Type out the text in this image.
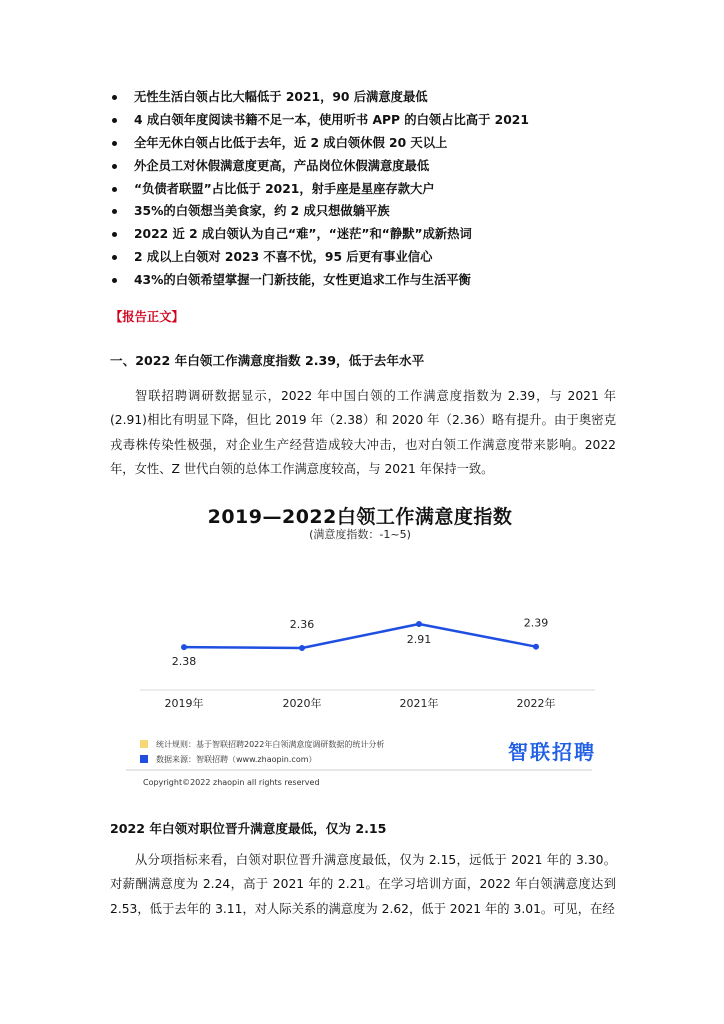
无性生活白领占比大幅低于 2021，90 后满意度最低
4 成白领年度阅读书籍不足一本，使用听书 APP 的白领占比高于 2021
全年无休白领占比低于去年，近 2 成白领休假 20 天以上
外企员工对休假满意度更高，产品岗位休假满意度最低
“负债者联盟”占比低于 2021，射手座是星座存款大户
35%的白领想当美食家，约 2 成只想做躺平族
2022 近 2 成白领认为自己“难”，“迷茫”和“静默”成新热词
2 成以上白领对 2023 不喜不忧，95 后更有事业信心
43%的白领希望掌握一门新技能，女性更追求工作与生活平衡
【报告正文】
一、2022 年白领工作满意度指数 2.39，低于去年水平

智联招聘调研数据显示，2022 年中国白领的工作满意度指数为 2.39，与 2021 年(2.91)相比有明显下降，但比 2019 年（2.38）和 2020 年（2.36）略有提升。由于奥密克戎毒株传染性极强，对企业生产经营造成较大冲击，也对白领工作满意度带来影响。2022 年，女性、Z 世代白领的总体工作满意度较高，与 2021 年保持一致。

2019—2022白领工作满意度指数
(满意度指数：-1~5)
2.38
2019年
2.36
2020年
2.91
2021年
2.39
2022年
统计规则：基于智联招聘2022年白领满意度调研数据的统计分析
数据来源：智联招聘（www.zhaopin.com）	智联招聘
Copyright©2022 zhaopin all rights reserved
2022 年白领对职位晋升满意度最低，仅为 2.15

从分项指标来看，白领对职位晋升满意度最低，仅为 2.15，远低于 2021 年的 3.30。对薪酬满意度为 2.24，高于 2021 年的 2.21。在学习培训方面，2022 年白领满意度达到 2.53，低于去年的 3.11，对人际关系的满意度为 2.62，低于 2021 年的 3.01。可见，在经
